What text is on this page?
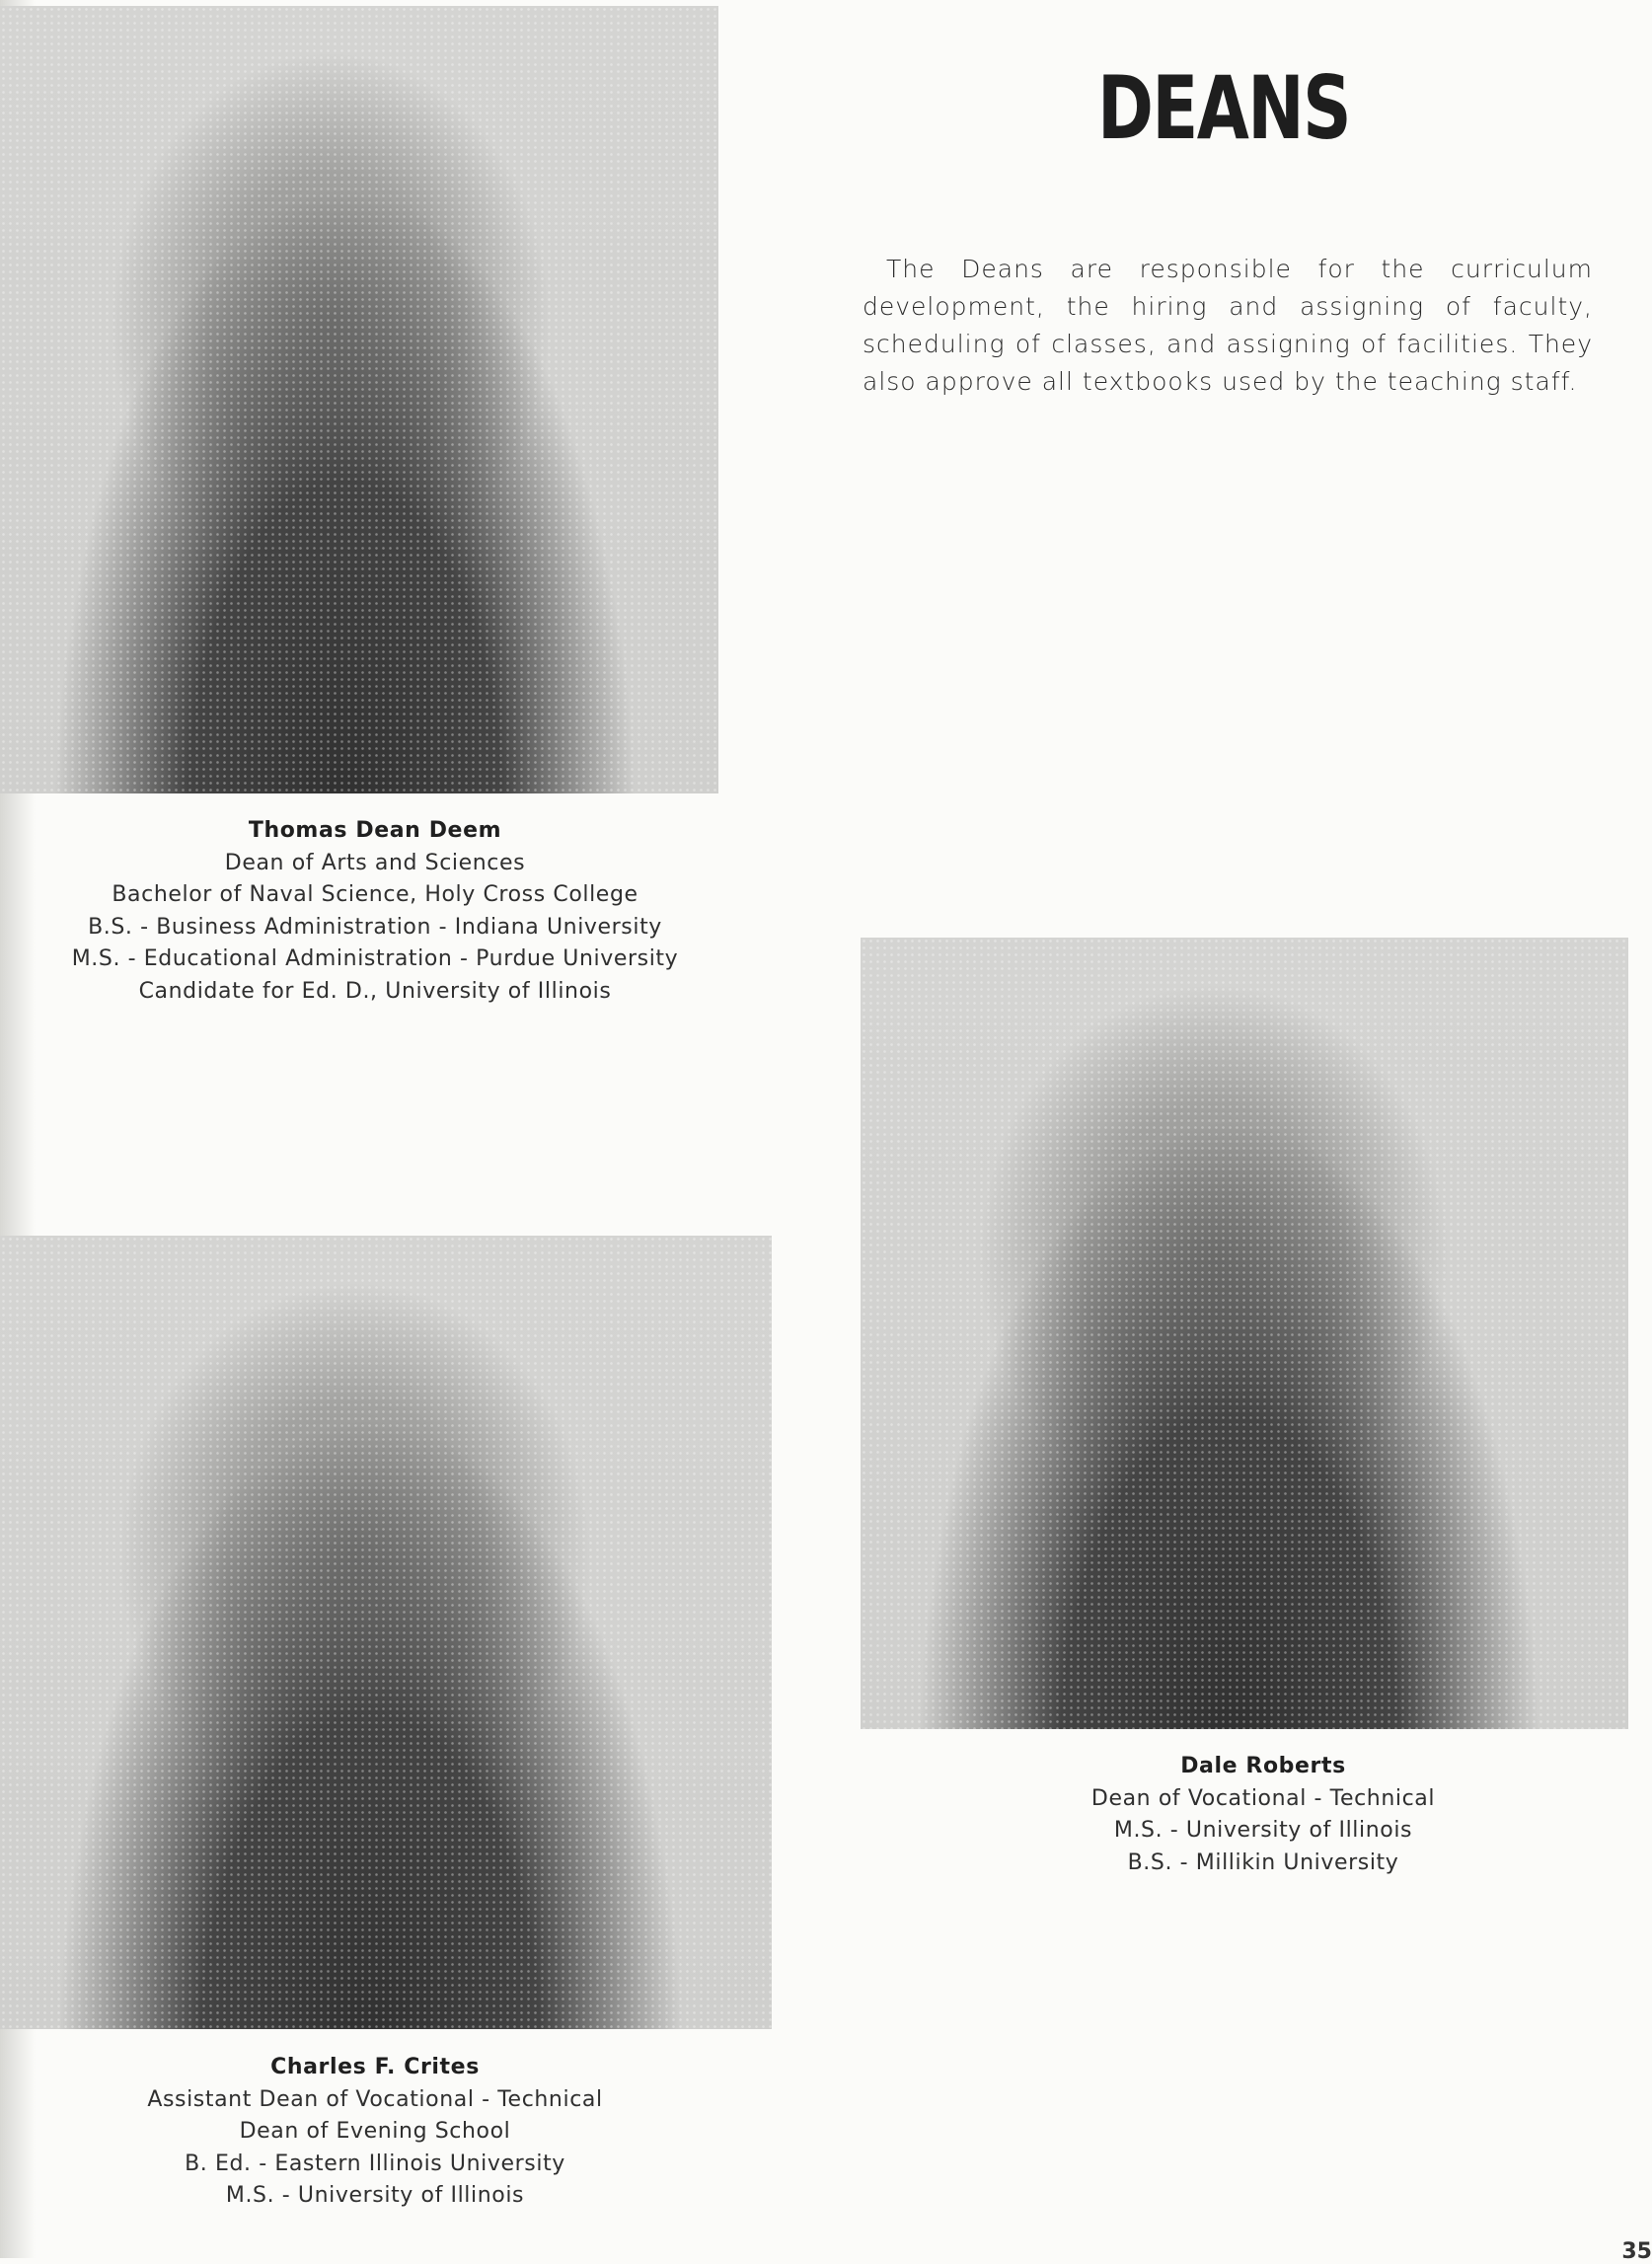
DEANS

The Deans are responsible for the curriculum development, the hiring and assigning of faculty, scheduling of classes, and assigning of facilities. They also approve all textbooks used by the teaching staff.

Thomas Dean Deem
Dean of Arts and Sciences
Bachelor of Naval Science, Holy Cross College
B.S. - Business Administration - Indiana University
M.S. - Educational Administration - Purdue University
Candidate for Ed. D., University of Illinois
Dale Roberts
Dean of Vocational - Technical
M.S. - University of Illinois
B.S. - Millikin University
Charles F. Crites
Assistant Dean of Vocational - Technical
Dean of Evening School
B. Ed. - Eastern Illinois University
M.S. - University of Illinois
35
